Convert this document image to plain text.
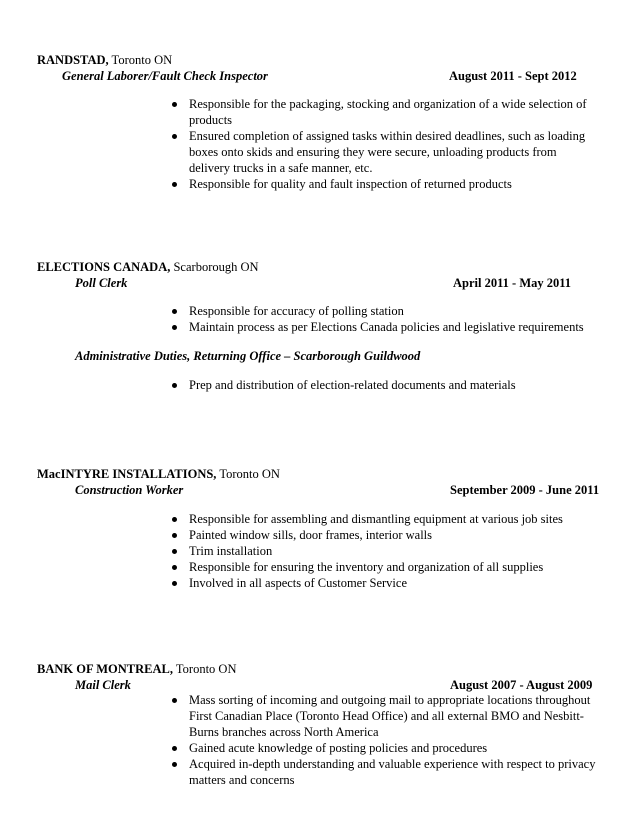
RANDSTAD, Toronto ON
General Laborer/Fault Check Inspector	August 2011 - Sept 2012
Responsible for the packaging, stocking and organization of a wide selection of products
Ensured completion of assigned tasks within desired deadlines, such as loading boxes onto skids and ensuring they were secure, unloading products from delivery trucks in a safe manner, etc.
Responsible for quality and fault inspection of returned products
ELECTIONS CANADA, Scarborough ON
Poll Clerk	April 2011 - May 2011
Responsible for accuracy of polling station
Maintain process as per Elections Canada policies and legislative requirements
Administrative Duties, Returning Office – Scarborough Guildwood
Prep and distribution of election-related documents and materials
MacINTYRE INSTALLATIONS, Toronto ON
Construction Worker	September 2009 - June 2011
Responsible for assembling and dismantling equipment at various job sites
Painted window sills, door frames, interior walls
Trim installation
Responsible for ensuring the inventory and organization of all supplies
Involved in all aspects of Customer Service
BANK OF MONTREAL, Toronto ON
Mail Clerk	August 2007 - August 2009
Mass sorting of incoming and outgoing mail to appropriate locations throughout First Canadian Place (Toronto Head Office) and all external BMO and Nesbitt-Burns branches across North America
Gained acute knowledge of posting policies and procedures
Acquired in-depth understanding and valuable experience with respect to privacy matters and concerns
